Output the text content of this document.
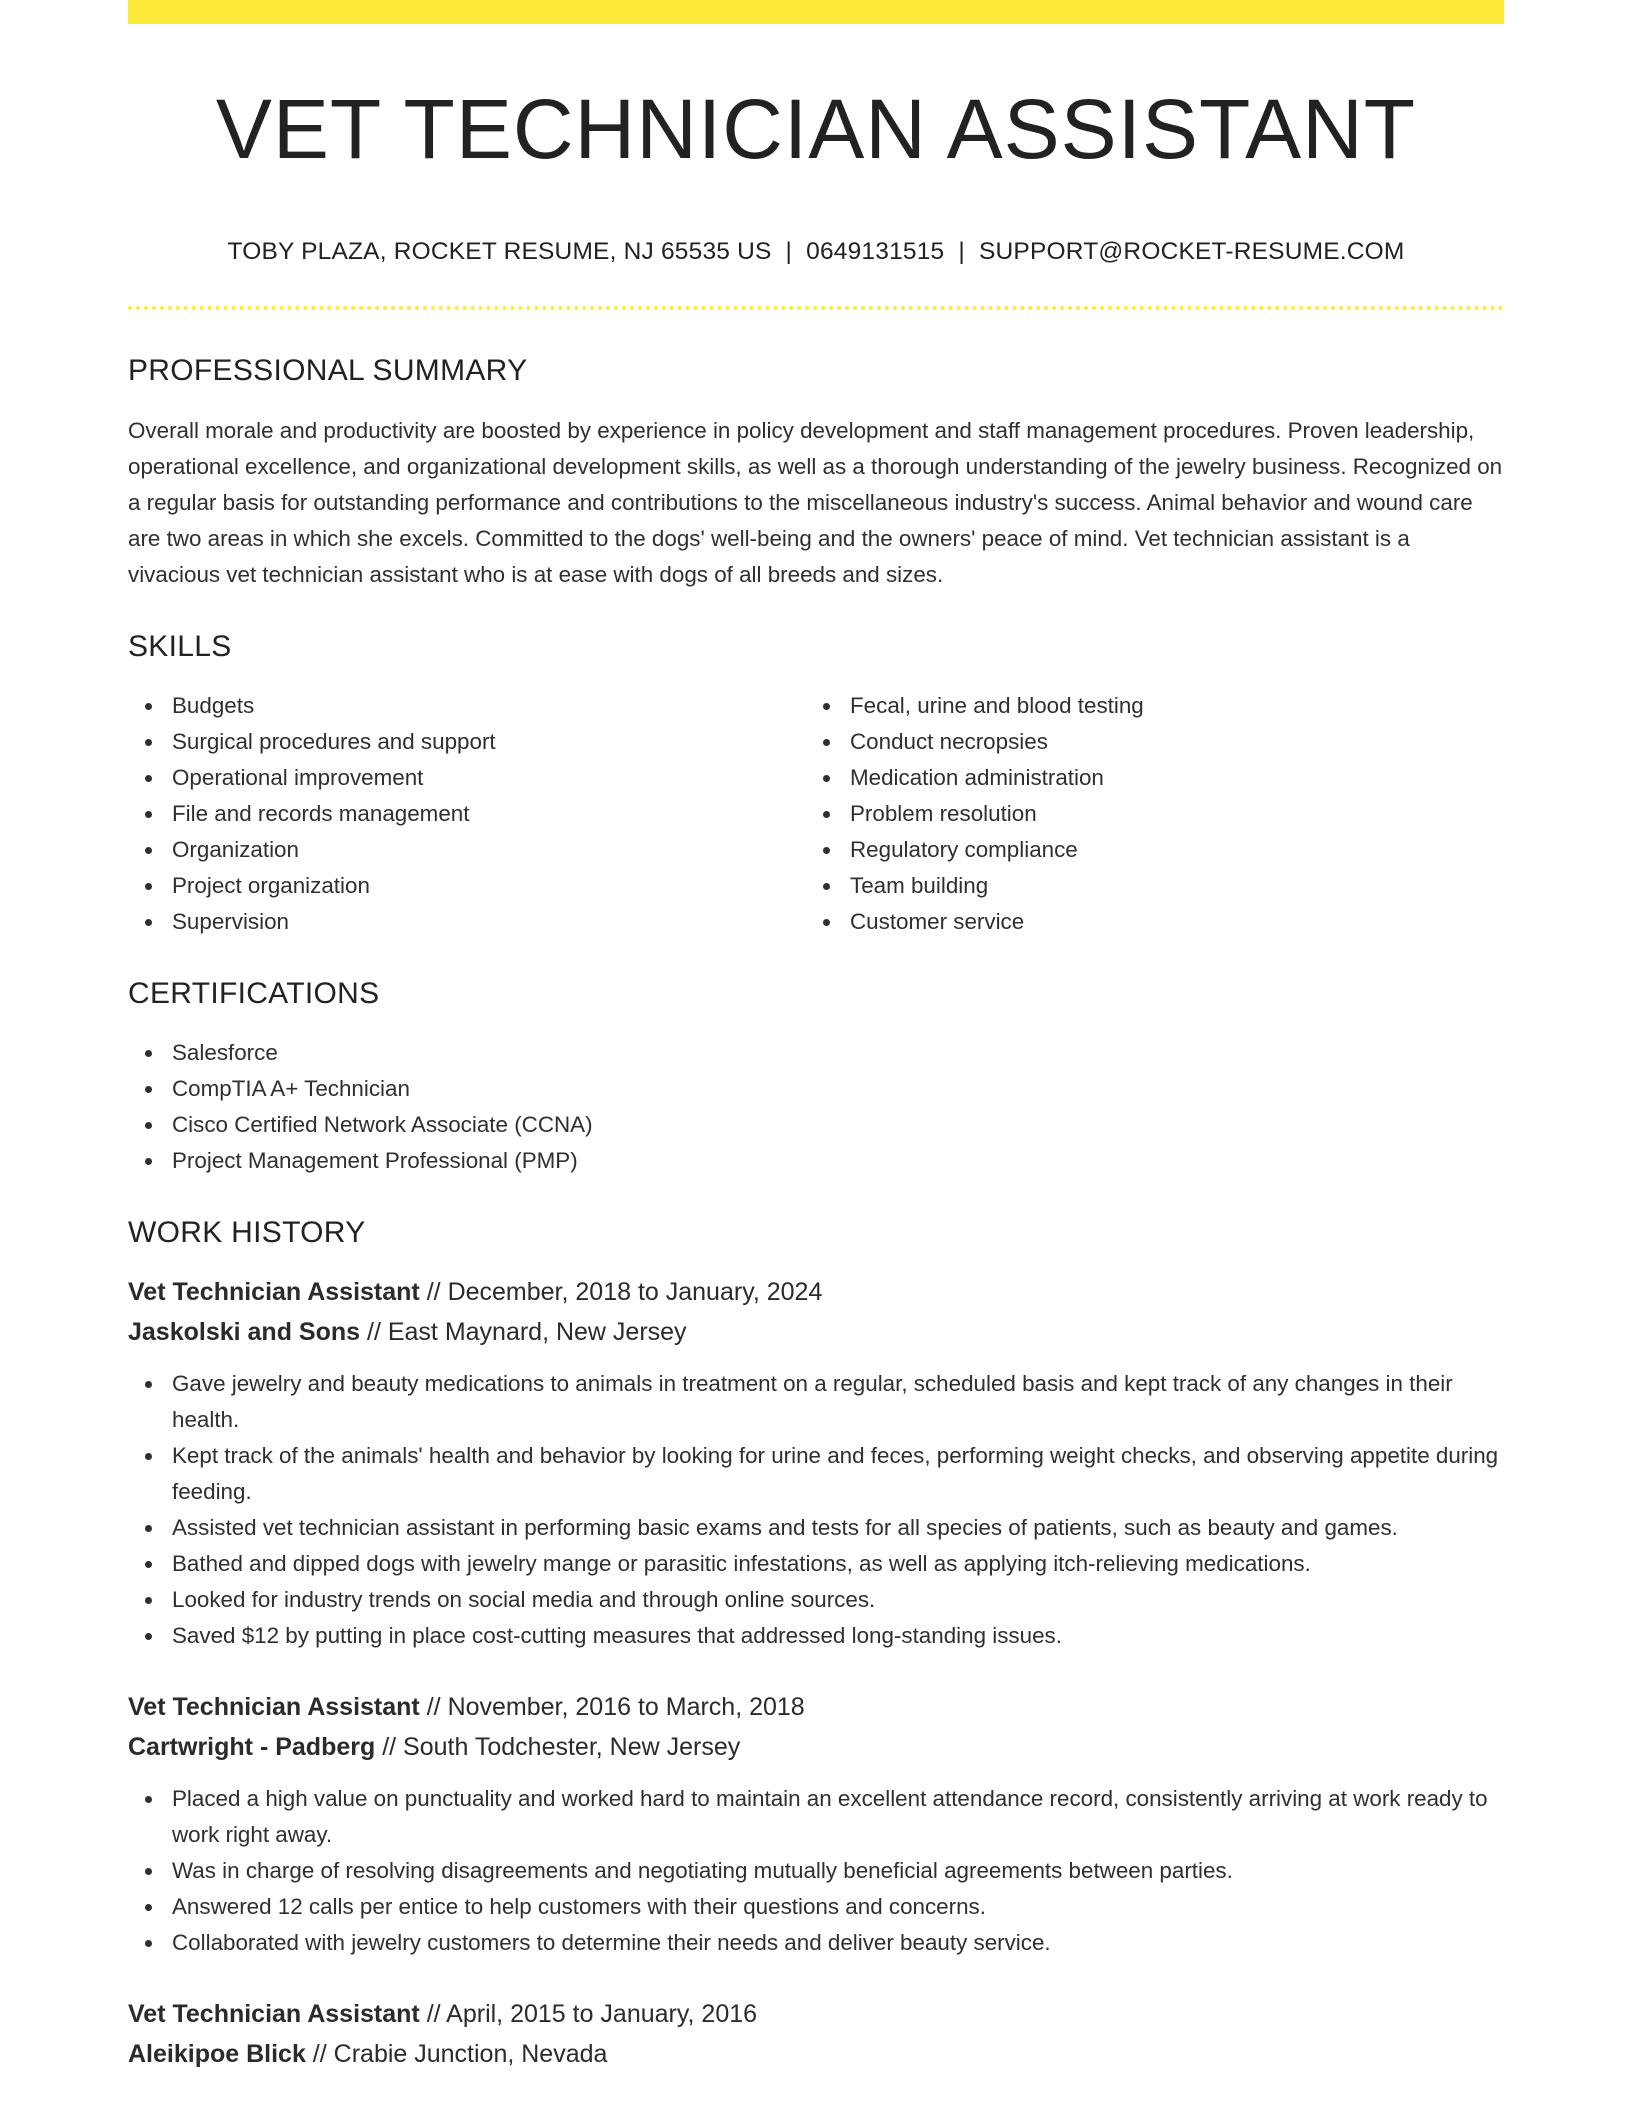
VET TECHNICIAN ASSISTANT
TOBY PLAZA, ROCKET RESUME, NJ 65535 US | 0649131515 | SUPPORT@ROCKET-RESUME.COM
PROFESSIONAL SUMMARY

Overall morale and productivity are boosted by experience in policy development and staff management procedures. Proven leadership, operational excellence, and organizational development skills, as well as a thorough understanding of the jewelry business. Recognized on a regular basis for outstanding performance and contributions to the miscellaneous industry's success. Animal behavior and wound care are two areas in which she excels. Committed to the dogs' well-being and the owners' peace of mind. Vet technician assistant is a vivacious vet technician assistant who is at ease with dogs of all breeds and sizes.

SKILLS
Budgets
Surgical procedures and support
Operational improvement
File and records management
Organization
Project organization
Supervision
Fecal, urine and blood testing
Conduct necropsies
Medication administration
Problem resolution
Regulatory compliance
Team building
Customer service
CERTIFICATIONS
Salesforce
CompTIA A+ Technician
Cisco Certified Network Associate (CCNA)
Project Management Professional (PMP)
WORK HISTORY
Vet Technician Assistant // December, 2018 to January, 2024
Jaskolski and Sons // East Maynard, New Jersey
Gave jewelry and beauty medications to animals in treatment on a regular, scheduled basis and kept track of any changes in their health.
Kept track of the animals' health and behavior by looking for urine and feces, performing weight checks, and observing appetite during feeding.
Assisted vet technician assistant in performing basic exams and tests for all species of patients, such as beauty and games.
Bathed and dipped dogs with jewelry mange or parasitic infestations, as well as applying itch-relieving medications.
Looked for industry trends on social media and through online sources.
Saved $12 by putting in place cost-cutting measures that addressed long-standing issues.
Vet Technician Assistant // November, 2016 to March, 2018
Cartwright - Padberg // South Todchester, New Jersey
Placed a high value on punctuality and worked hard to maintain an excellent attendance record, consistently arriving at work ready to work right away.
Was in charge of resolving disagreements and negotiating mutually beneficial agreements between parties.
Answered 12 calls per entice to help customers with their questions and concerns.
Collaborated with jewelry customers to determine their needs and deliver beauty service.
Vet Technician Assistant // April, 2015 to January, 2016
Aleikipoe Blick // Crabie Junction, Nevada
